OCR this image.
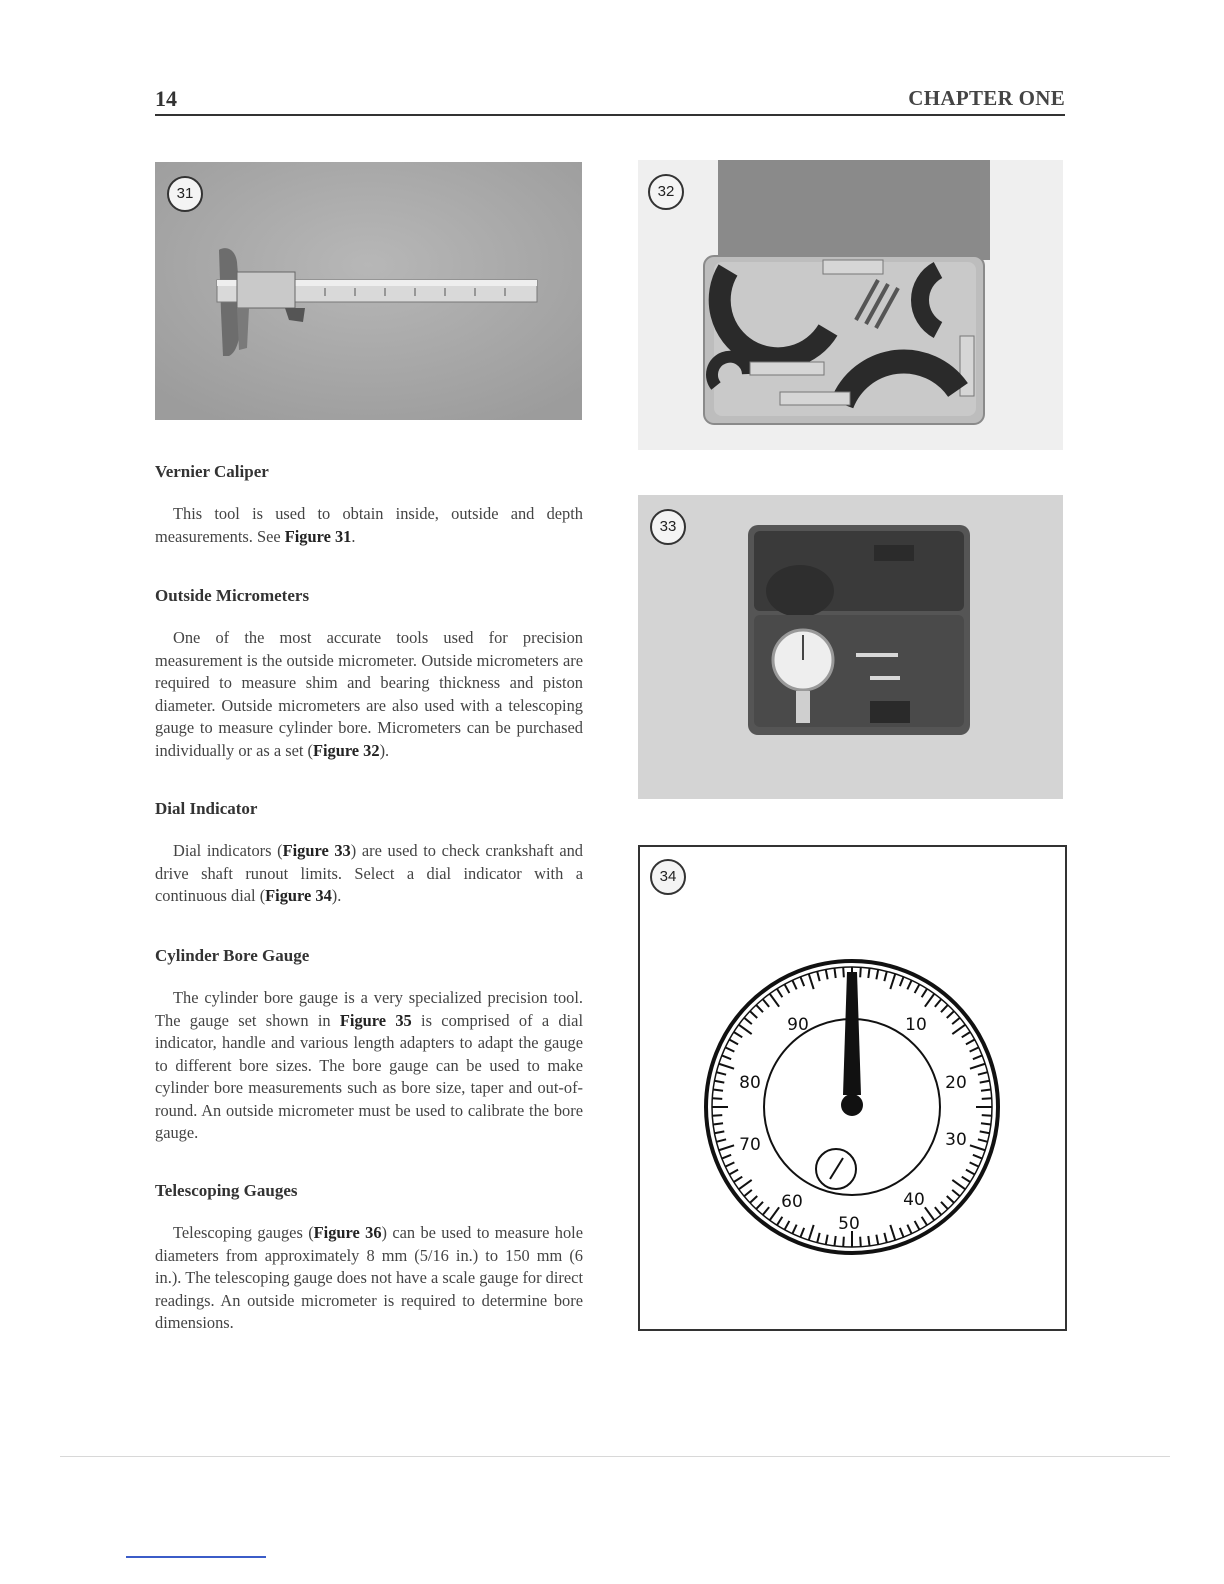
14	CHAPTER ONE
31	32
33
34
90	10
80	20
70	30
60	40
50
Vernier Caliper

This tool is used to obtain inside, outside and depth measurements. See Figure 31.

Outside Micrometers

One of the most accurate tools used for precision measurement is the outside micrometer. Outside micrometers are required to measure shim and bearing thickness and piston diameter. Outside micrometers are also used with a telescoping gauge to measure cylinder bore. Micrometers can be purchased individually or as a set (Figure 32).

Dial Indicator

Dial indicators (Figure 33) are used to check crankshaft and drive shaft runout limits. Select a dial indicator with a continuous dial (Figure 34).

Cylinder Bore Gauge

The cylinder bore gauge is a very specialized precision tool. The gauge set shown in Figure 35 is comprised of a dial indicator, handle and various length adapters to adapt the gauge to different bore sizes. The bore gauge can be used to make cylinder bore measurements such as bore size, taper and out-of-round. An outside micrometer must be used to calibrate the bore gauge.

Telescoping Gauges

Telescoping gauges (Figure 36) can be used to measure hole diameters from approximately 8 mm (5/16 in.) to 150 mm (6 in.). The telescoping gauge does not have a scale gauge for direct readings. An outside micrometer is required to determine bore dimensions.
